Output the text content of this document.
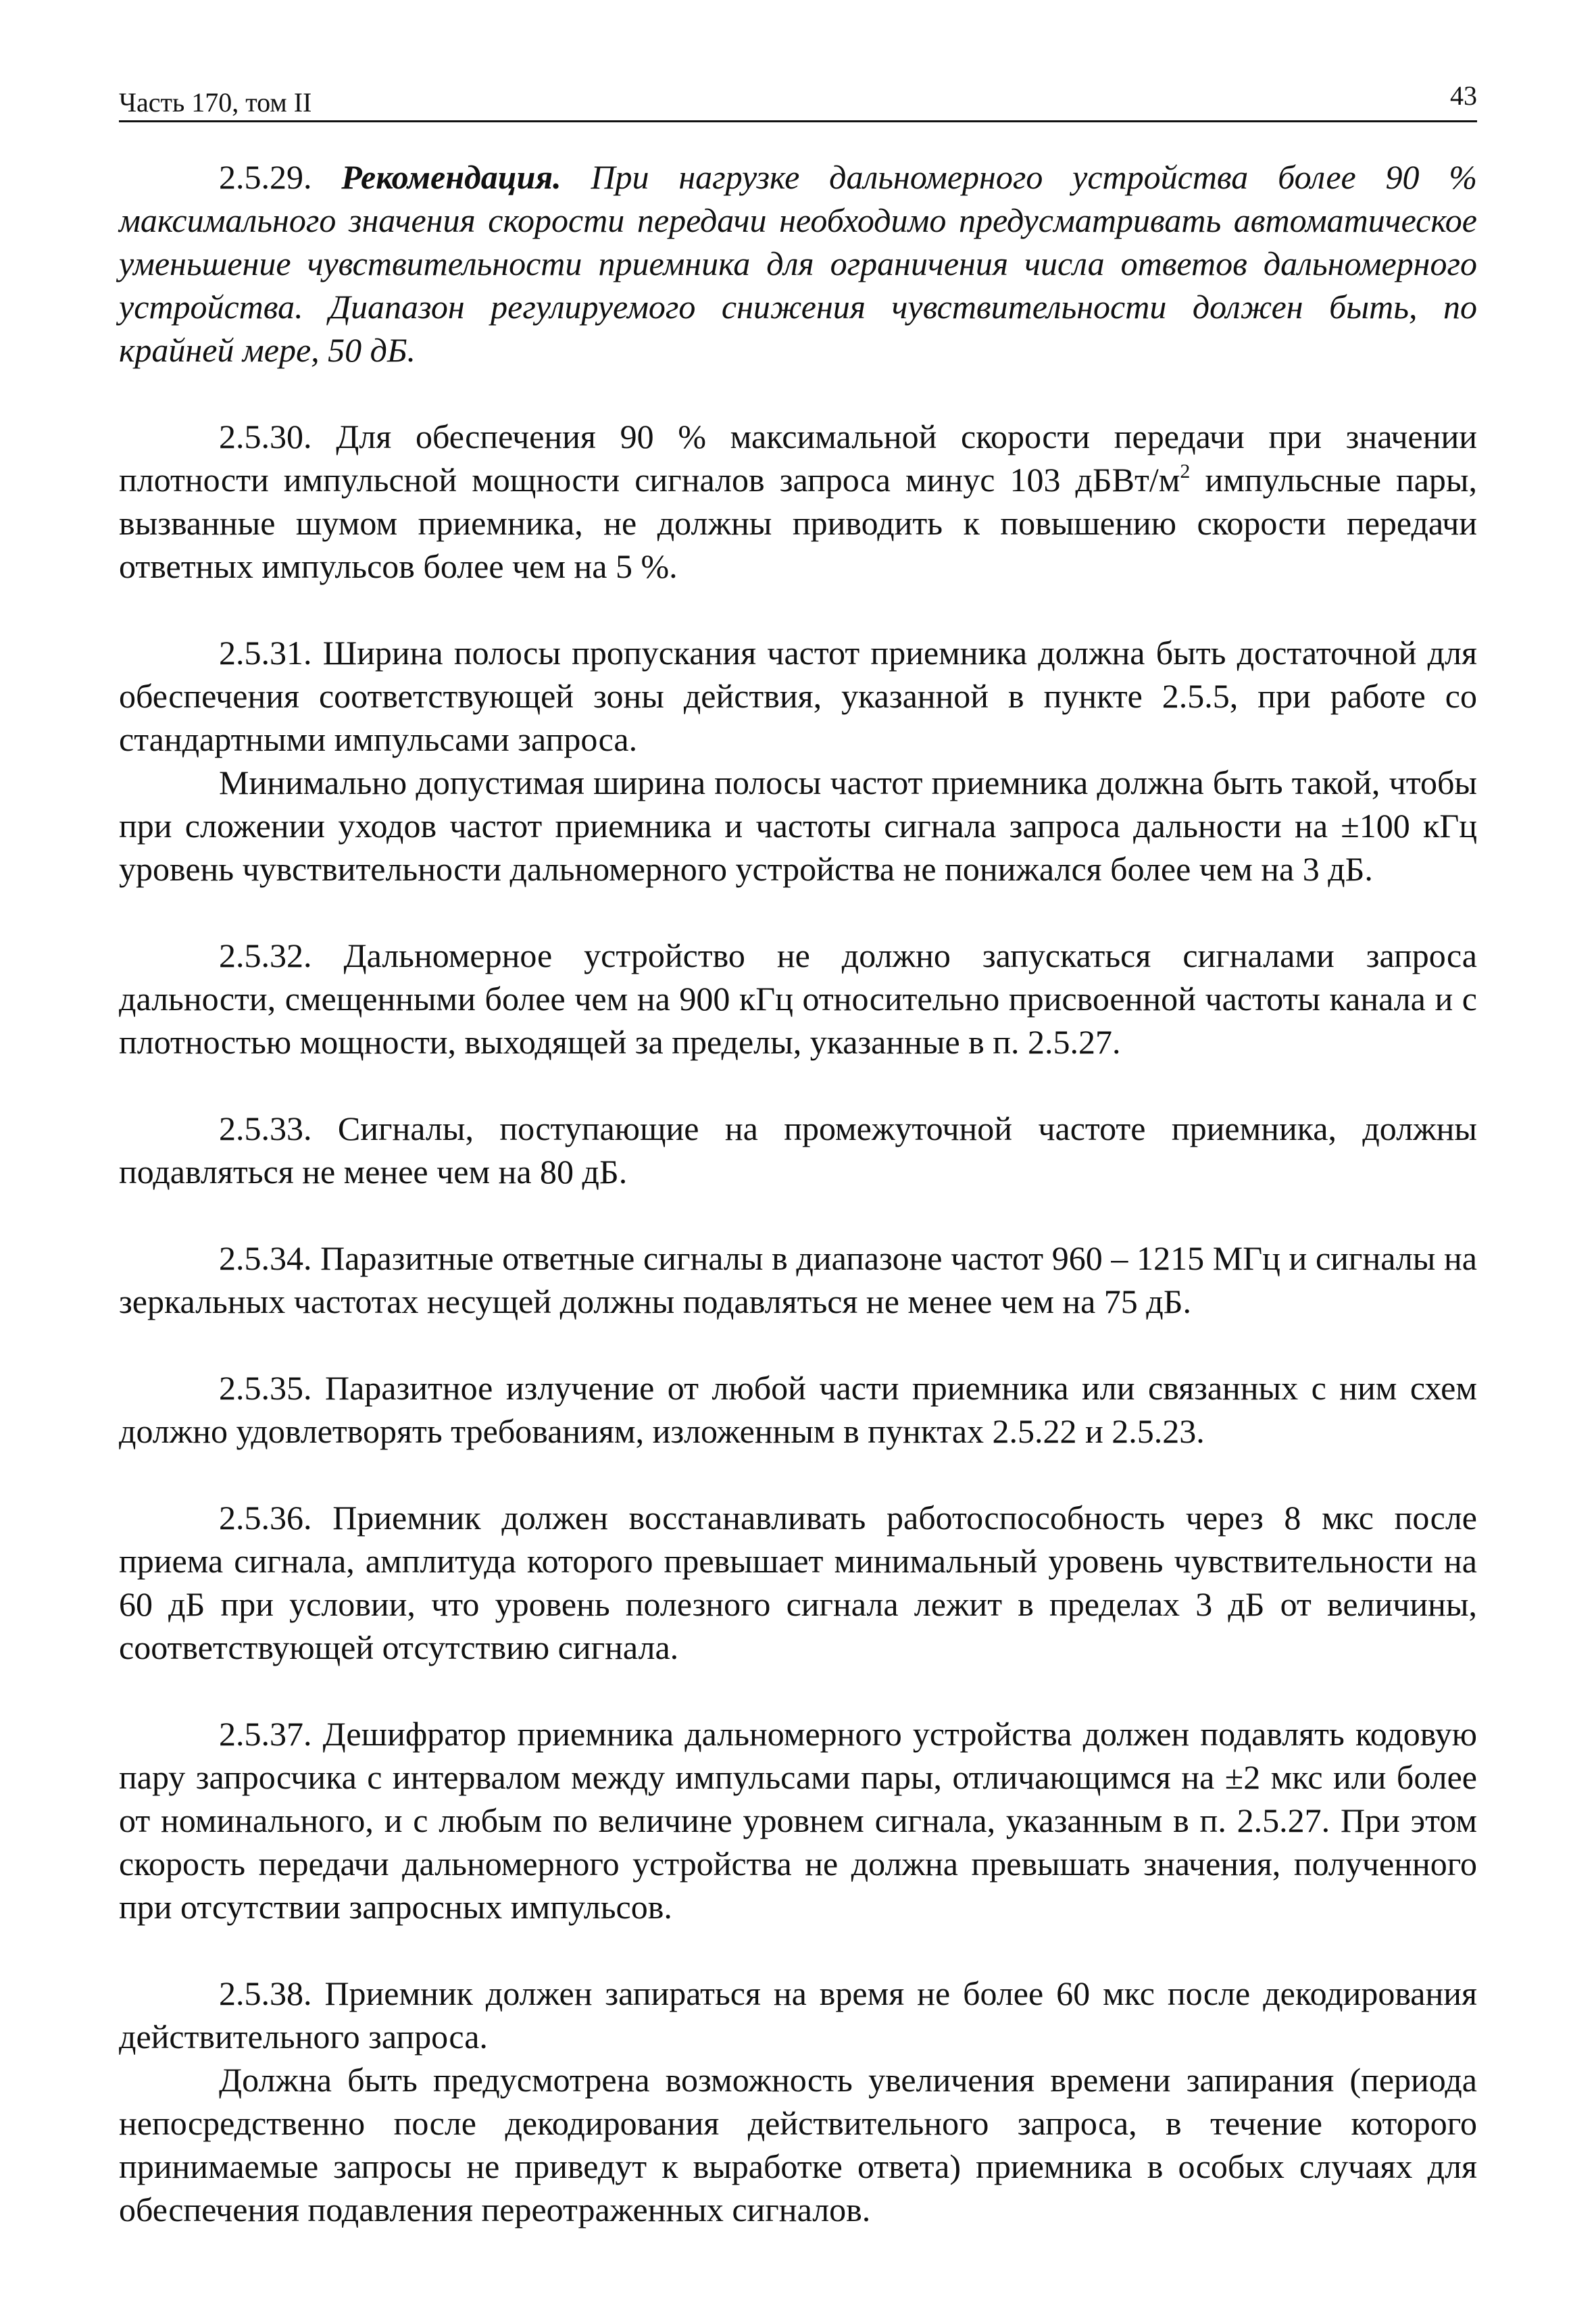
Часть 170, том II	43

2.5.29. Рекомендация. При нагрузке дальномерного устройства более 90 % максимального значения скорости передачи необходимо предусматривать автоматическое уменьшение чувствительности приемника для ограничения числа ответов дальномерного устройства. Диапазон регулируемого снижения чувствительности должен быть, по крайней мере, 50 дБ.

2.5.30. Для обеспечения 90 % максимальной скорости передачи при значении плотности импульсной мощности сигналов запроса минус 103 дБВт/$м^2$ импульсные пары, вызванные шумом приемника, не должны приводить к повышению скорости передачи ответных импульсов более чем на 5 %.

2.5.31. Ширина полосы пропускания частот приемника должна быть достаточной для обеспечения соответствующей зоны действия, указанной в пункте 2.5.5, при работе со стандартными импульсами запроса.

Минимально допустимая ширина полосы частот приемника должна быть такой, чтобы при сложении уходов частот приемника и частоты сигнала запроса дальности на ±100 кГц уровень чувствительности дальномерного устройства не понижался более чем на 3 дБ.

2.5.32. Дальномерное устройство не должно запускаться сигналами запроса дальности, смещенными более чем на 900 кГц относительно присвоенной частоты канала и с плотностью мощности, выходящей за пределы, указанные в п. 2.5.27.

2.5.33. Сигналы, поступающие на промежуточной частоте приемника, должны подавляться не менее чем на 80 дБ.

2.5.34. Паразитные ответные сигналы в диапазоне частот 960 – 1215 МГц и сигналы на зеркальных частотах несущей должны подавляться не менее чем на 75 дБ.

2.5.35. Паразитное излучение от любой части приемника или связанных с ним схем должно удовлетворять требованиям, изложенным в пунктах 2.5.22 и 2.5.23.

2.5.36. Приемник должен восстанавливать работоспособность через 8 мкс после приема сигнала, амплитуда которого превышает минимальный уровень чувствительности на 60 дБ при условии, что уровень полезного сигнала лежит в пределах 3 дБ от величины, соответствующей отсутствию сигнала.

2.5.37. Дешифратор приемника дальномерного устройства должен подавлять кодовую пару запросчика с интервалом между импульсами пары, отличающимся на ±2 мкс или более от номинального, и с любым по величине уровнем сигнала, указанным в п. 2.5.27. При этом скорость передачи дальномерного устройства не должна превышать значения, полученного при отсутствии запросных импульсов.

2.5.38. Приемник должен запираться на время не более 60 мкс после декодирования действительного запроса.

Должна быть предусмотрена возможность увеличения времени запирания (периода непосредственно после декодирования действительного запроса, в течение которого принимаемые запросы не приведут к выработке ответа) приемника в особых случаях для обеспечения подавления переотраженных сигналов.
